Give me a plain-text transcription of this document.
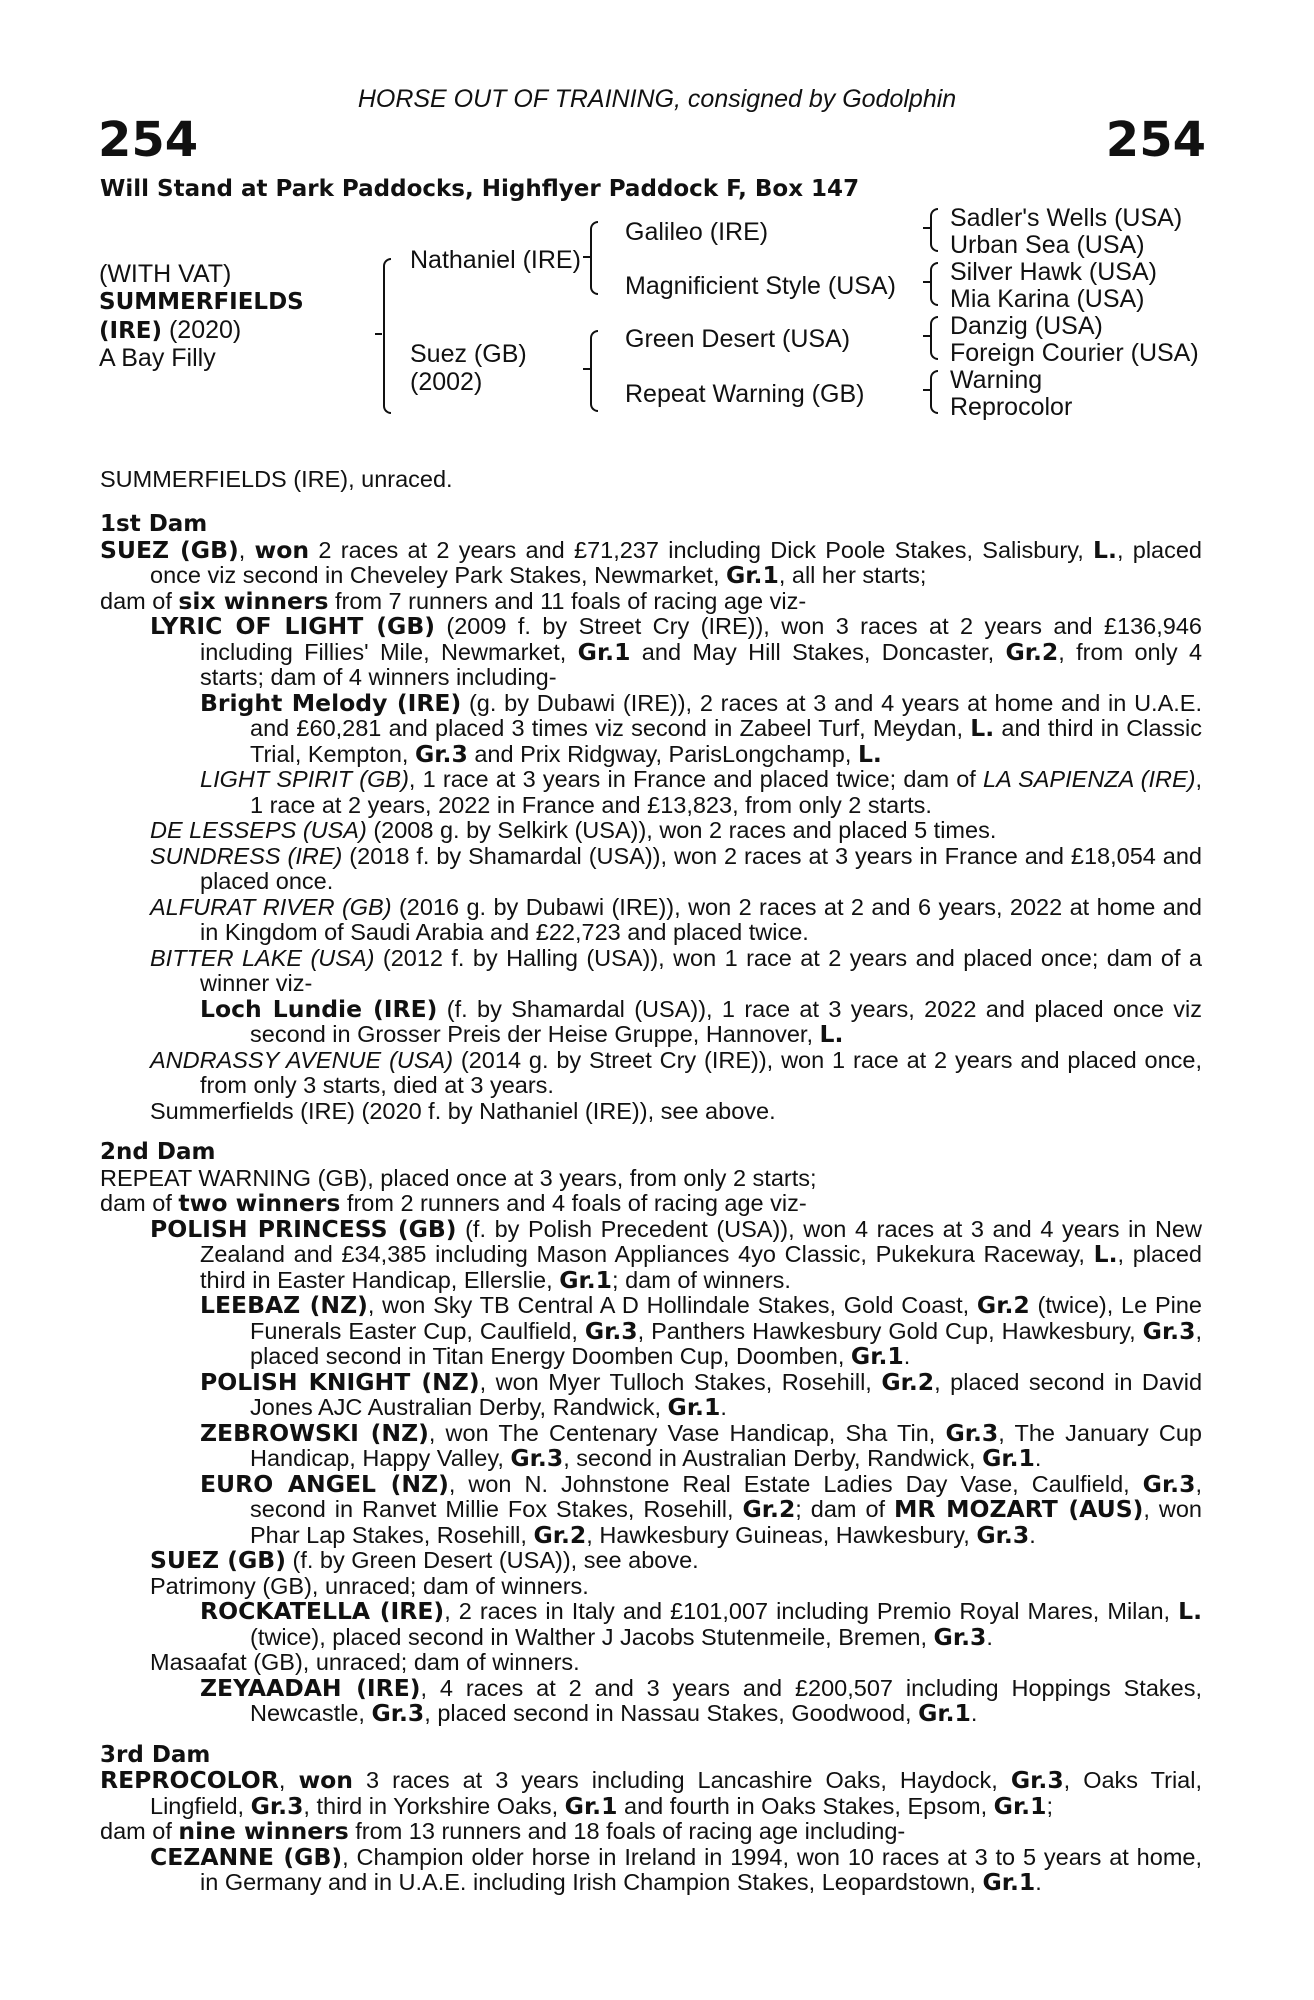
HORSE OUT OF TRAINING, consigned by Godolphin
254	254
Will Stand at Park Paddocks, Highflyer Paddock F, Box 147
(WITH VAT)
SUMMERFIELDS
(IRE) (2020)
A Bay Filly
Nathaniel (IRE)
Suez (GB)
(2002)
Galileo (IRE)
Magnificient Style (USA)
Green Desert (USA)
Repeat Warning (GB)
Sadler's Wells (USA)
Urban Sea (USA)
Silver Hawk (USA)
Mia Karina (USA)
Danzig (USA)
Foreign Courier (USA)
Warning
Reprocolor
SUMMERFIELDS (IRE), unraced.

1st Dam

SUEZ (GB), won 2 races at 2 years and £71,237 including Dick Poole Stakes, Salisbury, L., placed once viz second in Cheveley Park Stakes, Newmarket, Gr.1, all her starts;

dam of six winners from 7 runners and 11 foals of racing age viz-

LYRIC OF LIGHT (GB) (2009 f. by Street Cry (IRE)), won 3 races at 2 years and £136,946 including Fillies' Mile, Newmarket, Gr.1 and May Hill Stakes, Doncaster, Gr.2, from only 4 starts; dam of 4 winners including-

Bright Melody (IRE) (g. by Dubawi (IRE)), 2 races at 3 and 4 years at home and in U.A.E. and £60,281 and placed 3 times viz second in Zabeel Turf, Meydan, L. and third in Classic Trial, Kempton, Gr.3 and Prix Ridgway, ParisLongchamp, L.

LIGHT SPIRIT (GB), 1 race at 3 years in France and placed twice; dam of LA SAPIENZA (IRE), 1 race at 2 years, 2022 in France and £13,823, from only 2 starts.

DE LESSEPS (USA) (2008 g. by Selkirk (USA)), won 2 races and placed 5 times.

SUNDRESS (IRE) (2018 f. by Shamardal (USA)), won 2 races at 3 years in France and £18,054 and placed once.

ALFURAT RIVER (GB) (2016 g. by Dubawi (IRE)), won 2 races at 2 and 6 years, 2022 at home and in Kingdom of Saudi Arabia and £22,723 and placed twice.

BITTER LAKE (USA) (2012 f. by Halling (USA)), won 1 race at 2 years and placed once; dam of a winner viz-

Loch Lundie (IRE) (f. by Shamardal (USA)), 1 race at 3 years, 2022 and placed once viz second in Grosser Preis der Heise Gruppe, Hannover, L.

ANDRASSY AVENUE (USA) (2014 g. by Street Cry (IRE)), won 1 race at 2 years and placed once, from only 3 starts, died at 3 years.

Summerfields (IRE) (2020 f. by Nathaniel (IRE)), see above.

2nd Dam

REPEAT WARNING (GB), placed once at 3 years, from only 2 starts;

dam of two winners from 2 runners and 4 foals of racing age viz-

POLISH PRINCESS (GB) (f. by Polish Precedent (USA)), won 4 races at 3 and 4 years in New Zealand and £34,385 including Mason Appliances 4yo Classic, Pukekura Raceway, L., placed third in Easter Handicap, Ellerslie, Gr.1; dam of winners.

LEEBAZ (NZ), won Sky TB Central A D Hollindale Stakes, Gold Coast, Gr.2 (twice), Le Pine Funerals Easter Cup, Caulfield, Gr.3, Panthers Hawkesbury Gold Cup, Hawkesbury, Gr.3, placed second in Titan Energy Doomben Cup, Doomben, Gr.1.

POLISH KNIGHT (NZ), won Myer Tulloch Stakes, Rosehill, Gr.2, placed second in David Jones AJC Australian Derby, Randwick, Gr.1.

ZEBROWSKI (NZ), won The Centenary Vase Handicap, Sha Tin, Gr.3, The January Cup Handicap, Happy Valley, Gr.3, second in Australian Derby, Randwick, Gr.1.

EURO ANGEL (NZ), won N. Johnstone Real Estate Ladies Day Vase, Caulfield, Gr.3, second in Ranvet Millie Fox Stakes, Rosehill, Gr.2; dam of MR MOZART (AUS), won Phar Lap Stakes, Rosehill, Gr.2, Hawkesbury Guineas, Hawkesbury, Gr.3.

SUEZ (GB) (f. by Green Desert (USA)), see above.

Patrimony (GB), unraced; dam of winners.

ROCKATELLA (IRE), 2 races in Italy and £101,007 including Premio Royal Mares, Milan, L. (twice), placed second in Walther J Jacobs Stutenmeile, Bremen, Gr.3.

Masaafat (GB), unraced; dam of winners.

ZEYAADAH (IRE), 4 races at 2 and 3 years and £200,507 including Hoppings Stakes, Newcastle, Gr.3, placed second in Nassau Stakes, Goodwood, Gr.1.

3rd Dam

REPROCOLOR, won 3 races at 3 years including Lancashire Oaks, Haydock, Gr.3, Oaks Trial, Lingfield, Gr.3, third in Yorkshire Oaks, Gr.1 and fourth in Oaks Stakes, Epsom, Gr.1;

dam of nine winners from 13 runners and 18 foals of racing age including-

CEZANNE (GB), Champion older horse in Ireland in 1994, won 10 races at 3 to 5 years at home, in Germany and in U.A.E. including Irish Champion Stakes, Leopardstown, Gr.1.
